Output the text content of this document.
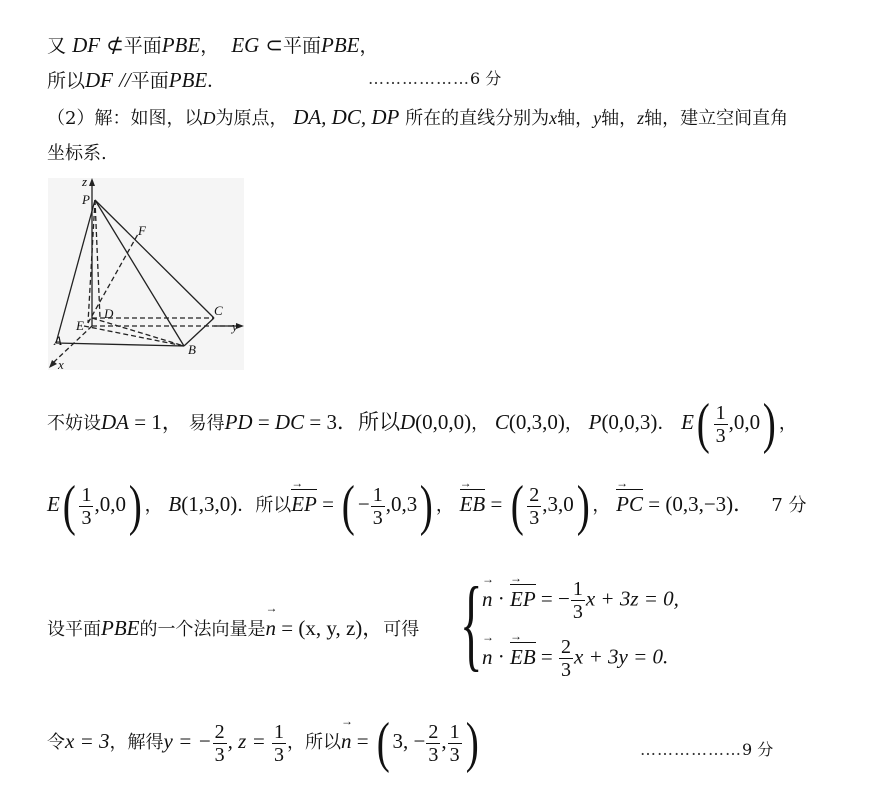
又 DF ⊄平面PBE， EG ⊂平面PBE，
所以DF //平面PBE.	………………6 分
（2）解：如图，以D为原点， DA, DC, DP 所在的直线分别为x轴，y轴，z轴，建立空间直角
坐标系.
z
P
F
D	C
E	y
A
B
x
不妨设DA = 1， 易得PD = DC = 3．所以D(0,0,0)， C(0,3,0)， P(0,0,3)． $E( \frac{1}{3} ,0,0)$ ，
$E( \frac{1}{3} ,0,0)$ ， B(1,3,0)．所以→ EP = ( − $\frac{1}{3} ,0,3$) ， → EB = ( $\frac{2}{3} ,3,0$) ， → PC = (0,3,−3)． 7 分
设平面PBE的一个法向量是→ n = (x, y, z)，可得 { → n · → EP = − $\frac{1}{3}$ x + 3z = 0,
→ n · → EB = $\frac{2}{3}$ x + 3y = 0.
令x = 3，解得y = − $\frac{2}{3}$ , $z = \frac{1}{3}$ ，所以→ n = ( 3, − $\frac{2}{3}$ , $\frac{1}{3}$ )	………………9 分
